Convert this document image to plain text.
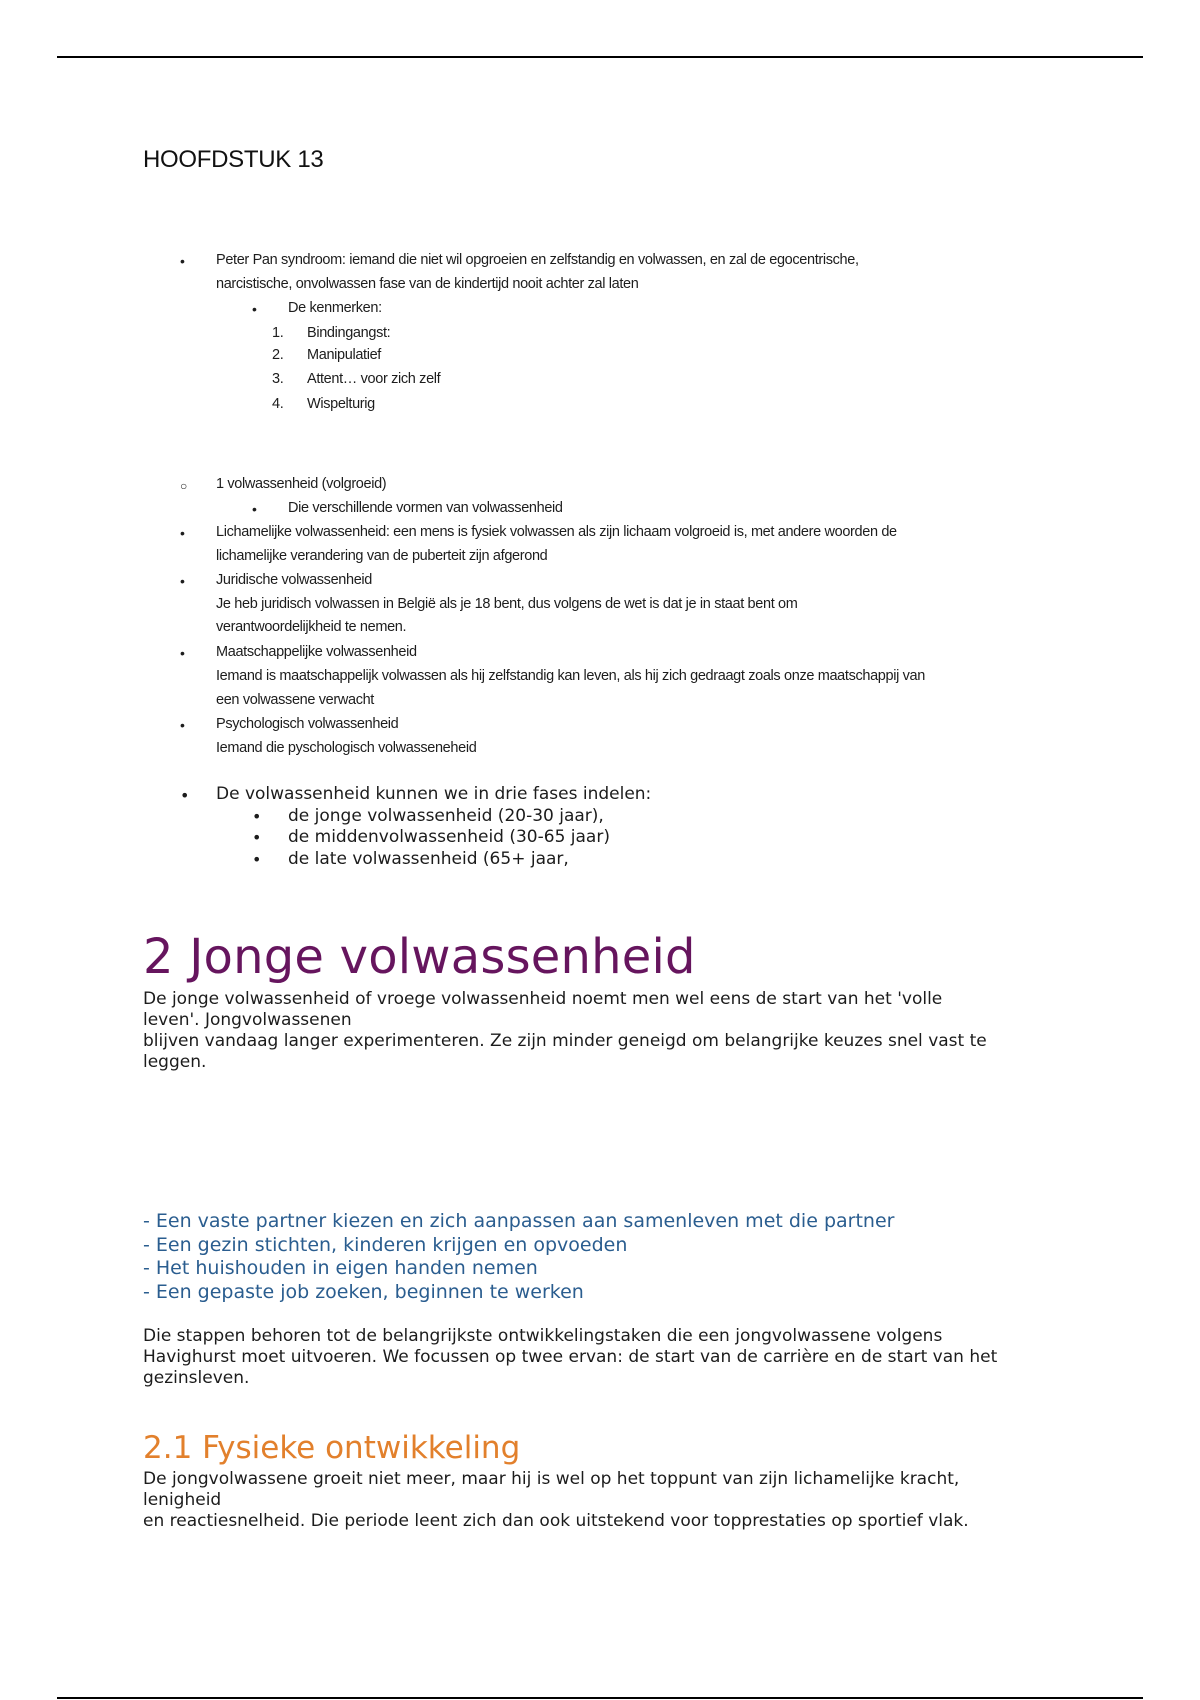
HOOFDSTUK 13
• Peter Pan syndroom: iemand die niet wil opgroeien en zelfstandig en volwassen, en zal de egocentrische,
narcistische, onvolwassen fase van de kindertijd nooit achter zal laten
• De kenmerken:
1. Bindingangst:
2. Manipulatief
3. Attent… voor zich zelf
4. Wispelturig
○ 1 volwassenheid (volgroeid)
• Die verschillende vormen van volwassenheid
• Lichamelijke volwassenheid: een mens is fysiek volwassen als zijn lichaam volgroeid is, met andere woorden de
lichamelijke verandering van de puberteit zijn afgerond
• Juridische volwassenheid
Je heb juridisch volwassen in België als je 18 bent, dus volgens de wet is dat je in staat bent om
verantwoordelijkheid te nemen.
• Maatschappelijke volwassenheid
Iemand is maatschappelijk volwassen als hij zelfstandig kan leven, als hij zich gedraagt zoals onze maatschappij van
een volwassene verwacht
• Psychologisch volwassenheid
Iemand die pyschologisch volwasseneheid
• De volwassenheid kunnen we in drie fases indelen:
• de jonge volwassenheid (20-30 jaar),
• de middenvolwassenheid (30-65 jaar)
• de late volwassenheid (65+ jaar,
2 Jonge volwassenheid
De jonge volwassenheid of vroege volwassenheid noemt men wel eens de start van het 'volle
leven'. Jongvolwassenen
blijven vandaag langer experimenteren. Ze zijn minder geneigd om belangrijke keuzes snel vast te
leggen.
- Een vaste partner kiezen en zich aanpassen aan samenleven met die partner
- Een gezin stichten, kinderen krijgen en opvoeden
- Het huishouden in eigen handen nemen
- Een gepaste job zoeken, beginnen te werken
Die stappen behoren tot de belangrijkste ontwikkelingstaken die een jongvolwassene volgens
Havighurst moet uitvoeren. We focussen op twee ervan: de start van de carrière en de start van het
gezinsleven.
2.1 Fysieke ontwikkeling
De jongvolwassene groeit niet meer, maar hij is wel op het toppunt van zijn lichamelijke kracht,
lenigheid
en reactiesnelheid. Die periode leent zich dan ook uitstekend voor topprestaties op sportief vlak.
